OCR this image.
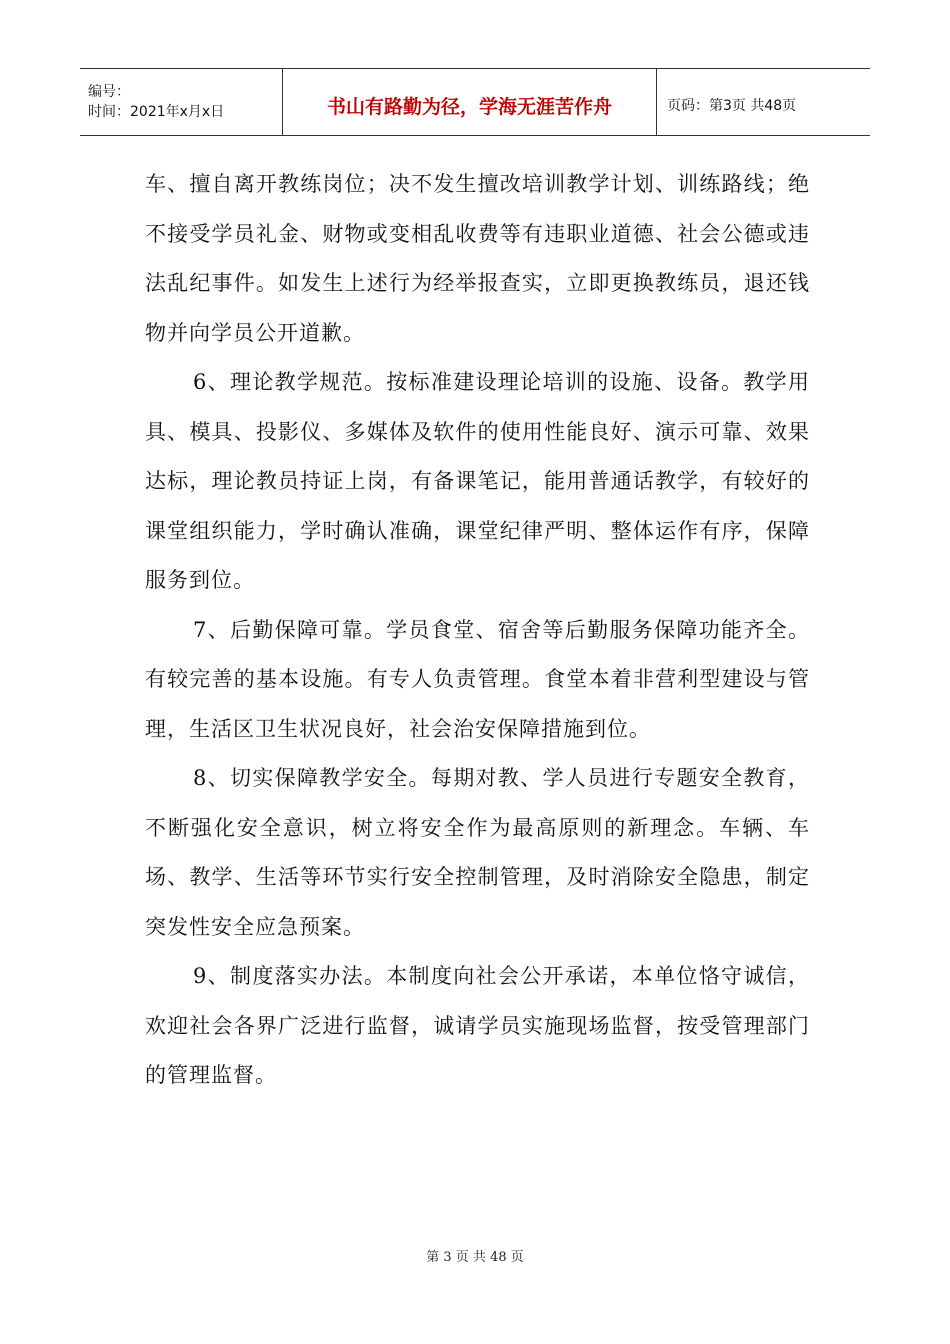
编号：
时间：2021年x月x日	书山有路勤为径，学海无涯苦作舟	页码：第3页 共48页

车、擅自离开教练岗位；决不发生擅改培训教学计划、训练路线；绝不接受学员礼金、财物或变相乱收费等有违职业道德、社会公德或违法乱纪事件。如发生上述行为经举报查实，立即更换教练员，退还钱物并向学员公开道歉。

6、理论教学规范。按标准建设理论培训的设施、设备。教学用具、模具、投影仪、多媒体及软件的使用性能良好、演示可靠、效果达标，理论教员持证上岗，有备课笔记，能用普通话教学，有较好的课堂组织能力，学时确认准确，课堂纪律严明、整体运作有序，保障服务到位。

7、后勤保障可靠。学员食堂、宿舍等后勤服务保障功能齐全。有较完善的基本设施。有专人负责管理。食堂本着非营利型建设与管理，生活区卫生状况良好，社会治安保障措施到位。

8、切实保障教学安全。每期对教、学人员进行专题安全教育，不断强化安全意识，树立将安全作为最高原则的新理念。车辆、车场、教学、生活等环节实行安全控制管理，及时消除安全隐患，制定突发性安全应急预案。

9、制度落实办法。本制度向社会公开承诺，本单位恪守诚信，欢迎社会各界广泛进行监督，诚请学员实施现场监督，按受管理部门的管理监督。

第 3 页 共 48 页
